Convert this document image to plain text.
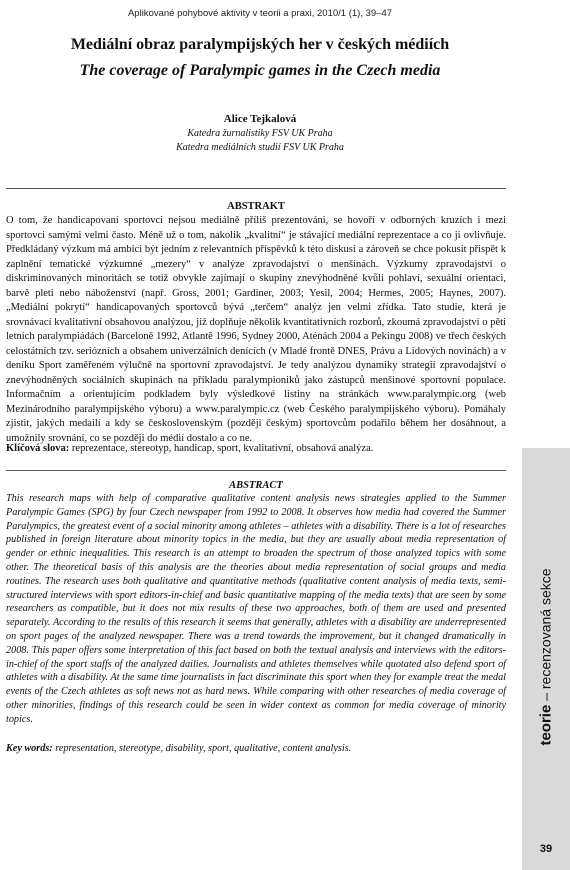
Aplikované pohybové aktivity v teorii a praxi, 2010/1 (1), 39–47
Mediální obraz paralympijských her v českých médiích
The coverage of Paralympic games in the Czech media
Alice Tejkalová
Katedra žurnalistiky FSV UK Praha
Katedra mediálních studií FSV UK Praha
ABSTRAKT
O tom, že handicapovaní sportovci nejsou mediálně příliš prezentováni, se hovoří v odborných kruzích i mezi sportovci samými velmi často. Méně už o tom, nakolik „kvalitní“ je stávající mediální reprezentace a co ji ovlivňuje. Předkládaný výzkum má ambici být jedním z relevantních příspěvků k této diskusi a zároveň se chce pokusit přispět k zaplnění tematické výzkumné „mezery“ v analýze zpravodajství o menšinách. Výzkumy zpravodajství o diskriminovaných minoritách se totiž obvykle zajímají o skupiny znevýhodněné kvůli pohlaví, sexuální orientaci, barvě pleti nebo náboženství (např. Gross, 2001; Gardiner, 2003; Yesil, 2004; Hermes, 2005; Haynes, 2007). „Mediální pokrytí“ handicapovaných sportovců bývá „terčem“ analýz jen velmi zřídka. Tato studie, která je srovnávací kvalitativní obsahovou analýzou, již doplňuje několik kvantitativních rozborů, zkoumá zpravodajství o pěti letních paralympiádách (Barceloně 1992, Atlantě 1996, Sydney 2000, Aténách 2004 a Pekingu 2008) ve třech českých celostátních tzv. seriózních a obsahem univerzálních denících (v Mladé frontě DNES, Právu a Lidových novinách) a v deníku Sport zaměřeném výlučně na sportovní zpravodajství. Je tedy analýzou dynamiky strategií zpravodajství o znevýhodněných sociálních skupinách na příkladu paralympioniků jako zástupců menšinové sportovní populace. Informačním a orientujícím podkladem byly výsledkové listiny na stránkách www.paralympic.org (web Mezinárodního paralympijského výboru) a www.paralympic.cz (web Českého paralympijského výboru). Pomáhaly zjistit, jakých medailí a kdy se československým (později českým) sportovcům podařilo během her dosáhnout, a umožnily srovnání, co se později do médií dostalo a co ne.
Klíčová slova: reprezentace, stereotyp, handicap, sport, kvalitativní, obsahová analýza.
ABSTRACT
This research maps with help of comparative qualitative content analysis news strategies applied to the Summer Paralympic Games (SPG) by four Czech newspaper from 1992 to 2008. It observes how media had covered the Summer Paralympics, the greatest event of a social minority among athletes – athletes with a disability. There is a lot of researches published in foreign literature about minority topics in the media, but they are usually about media representation of gender or ethnic inequalities. This research is an attempt to broaden the spectrum of those analyzed topics with some other. The theoretical basis of this analysis are the theories about media representation of social groups and media routines. The research uses both qualitative and quantitative methods (qualitative content analysis of media texts, semi-structured interviews with sport editors-in-chief and basic quantitative mapping of the media texts) that are seen by some researchers as compatible, but it does not mix results of these two approaches, both of them are used and presented separately. According to the results of this research it seems that generally, athletes with a disability are underrepresented on sport pages of the analyzed newspaper. There was a trend towards the improvement, but it changed dramatically in 2008. This paper offers some interpretation of this fact based on both the textual analysis and interviews with the editors-in-chief of the sport staffs of the analyzed dailies. Journalists and athletes themselves while quotated also defend sport of athletes with a disability. At the same time journalists in fact discriminate this sport when they for example treat the medal events of the Czech athletes as soft news not as hard news. While comparing with other researches of media coverage of other minorities, findings of this research could be seen in wider context as common for media coverage of minority topics.
Key words: representation, stereotype, disability, sport, qualitative, content analysis.
teorie – recenzovaná sekce
39
